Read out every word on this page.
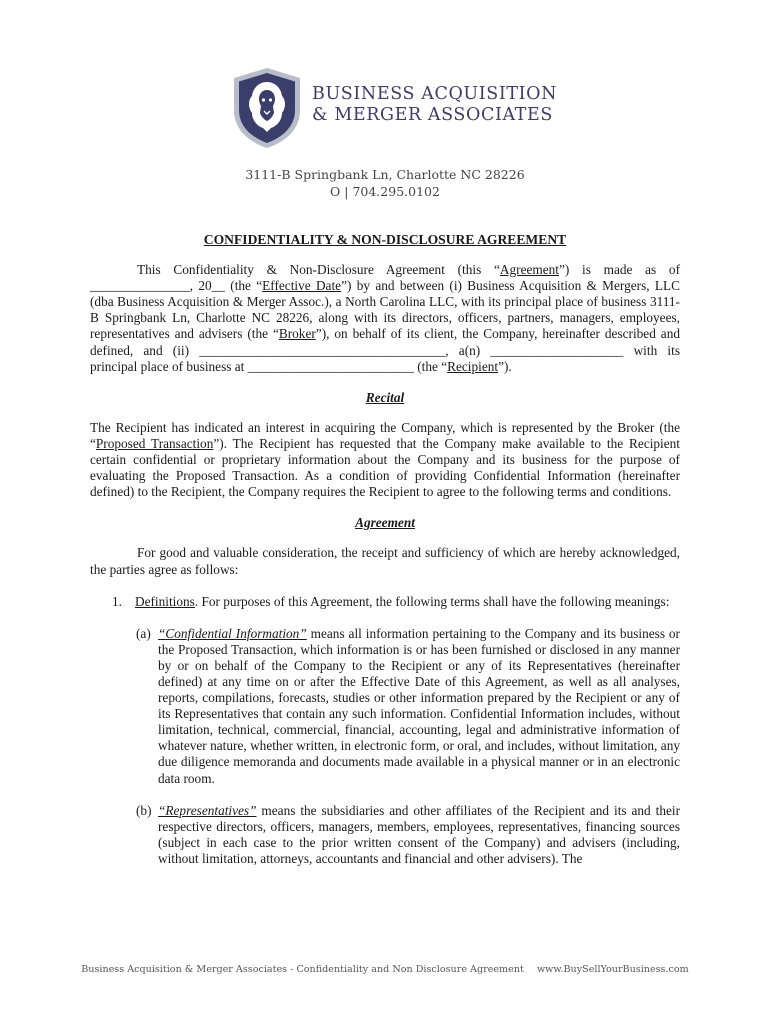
BUSINESS ACQUISITION
& MERGER ASSOCIATES
3111-B Springbank Ln, Charlotte NC 28226
O | 704.295.0102
CONFIDENTIALITY & NON-DISCLOSURE AGREEMENT

This Confidentiality & Non-Disclosure Agreement (this “Agreement”) is made as of _______________, 20__ (the “Effective Date”) by and between (i) Business Acquisition & Mergers, LLC (dba Business Acquisition & Merger Assoc.), a North Carolina LLC, with its principal place of business 3111-B Springbank Ln, Charlotte NC 28226, along with its directors, officers, partners, managers, employees, representatives and advisers (the “Broker”), on behalf of its client, the Company, hereinafter described and defined, and (ii) _____________________________________, a(n) ____________________ with its principal place of business at _________________________ (the “Recipient”).

Recital

The Recipient has indicated an interest in acquiring the Company, which is represented by the Broker (the “Proposed Transaction”). The Recipient has requested that the Company make available to the Recipient certain confidential or proprietary information about the Company and its business for the purpose of evaluating the Proposed Transaction. As a condition of providing Confidential Information (hereinafter defined) to the Recipient, the Company requires the Recipient to agree to the following terms and conditions.

Agreement

For good and valuable consideration, the receipt and sufficiency of which are hereby acknowledged, the parties agree as follows:

1. Definitions. For purposes of this Agreement, the following terms shall have the following meanings:

(a) “Confidential Information” means all information pertaining to the Company and its business or the Proposed Transaction, which information is or has been furnished or disclosed in any manner by or on behalf of the Company to the Recipient or any of its Representatives (hereinafter defined) at any time on or after the Effective Date of this Agreement, as well as all analyses, reports, compilations, forecasts, studies or other information prepared by the Recipient or any of its Representatives that contain any such information. Confidential Information includes, without limitation, technical, commercial, financial, accounting, legal and administrative information of whatever nature, whether written, in electronic form, or oral, and includes, without limitation, any due diligence memoranda and documents made available in a physical manner or in an electronic data room.

(b) “Representatives” means the subsidiaries and other affiliates of the Recipient and its and their respective directors, officers, managers, members, employees, representatives, financing sources (subject in each case to the prior written consent of the Company) and advisers (including, without limitation, attorneys, accountants and financial and other advisers). The

Business Acquisition & Merger Associates - Confidentiality and Non Disclosure Agreement www.BuySellYourBusiness.com
